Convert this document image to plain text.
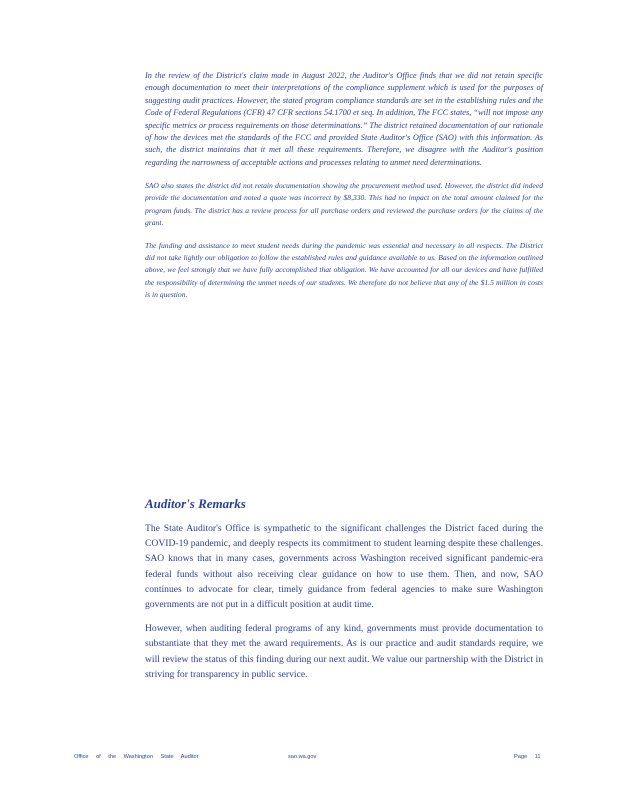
In the review of the District's claim made in August 2022, the Auditor's Office finds that we did not retain specific enough documentation to meet their interpretations of the compliance supplement which is used for the purposes of suggesting audit practices. However, the stated program compliance standards are set in the establishing rules and the Code of Federal Regulations (CFR) 47 CFR sections 54.1700 et seq. In addition, The FCC states, “will not impose any specific metrics or process requirements on those determinations.” The district retained documentation of our rationale of how the devices met the standards of the FCC and provided State Auditor's Office (SAO) with this information. As such, the district maintains that it met all these requirements. Therefore, we disagree with the Auditor's position regarding the narrowness of acceptable actions and processes relating to unmet need determinations.

SAO also states the district did not retain documentation showing the procurement method used. However, the district did indeed provide the documentation and noted a quote was incorrect by $8,330. This had no impact on the total amount claimed for the program funds. The district has a review process for all purchase orders and reviewed the purchase orders for the claims of the grant.

The funding and assistance to meet student needs during the pandemic was essential and necessary in all respects. The District did not take lightly our obligation to follow the established rules and guidance available to us. Based on the information outlined above, we feel strongly that we have fully accomplished that obligation. We have accounted for all our devices and have fulfilled the responsibility of determining the unmet needs of our students. We therefore do not believe that any of the $1.5 million in costs is in question.

Auditor's Remarks

The State Auditor's Office is sympathetic to the significant challenges the District faced during the COVID-19 pandemic, and deeply respects its commitment to student learning despite these challenges. SAO knows that in many cases, governments across Washington received significant pandemic-era federal funds without also receiving clear guidance on how to use them. Then, and now, SAO continues to advocate for clear, timely guidance from federal agencies to make sure Washington governments are not put in a difficult position at audit time.

However, when auditing federal programs of any kind, governments must provide documentation to substantiate that they met the award requirements. As is our practice and audit standards require, we will review the status of this finding during our next audit. We value our partnership with the District in striving for transparency in public service.

Office of the Washington State Auditor	sao.wa.gov	Page 11
